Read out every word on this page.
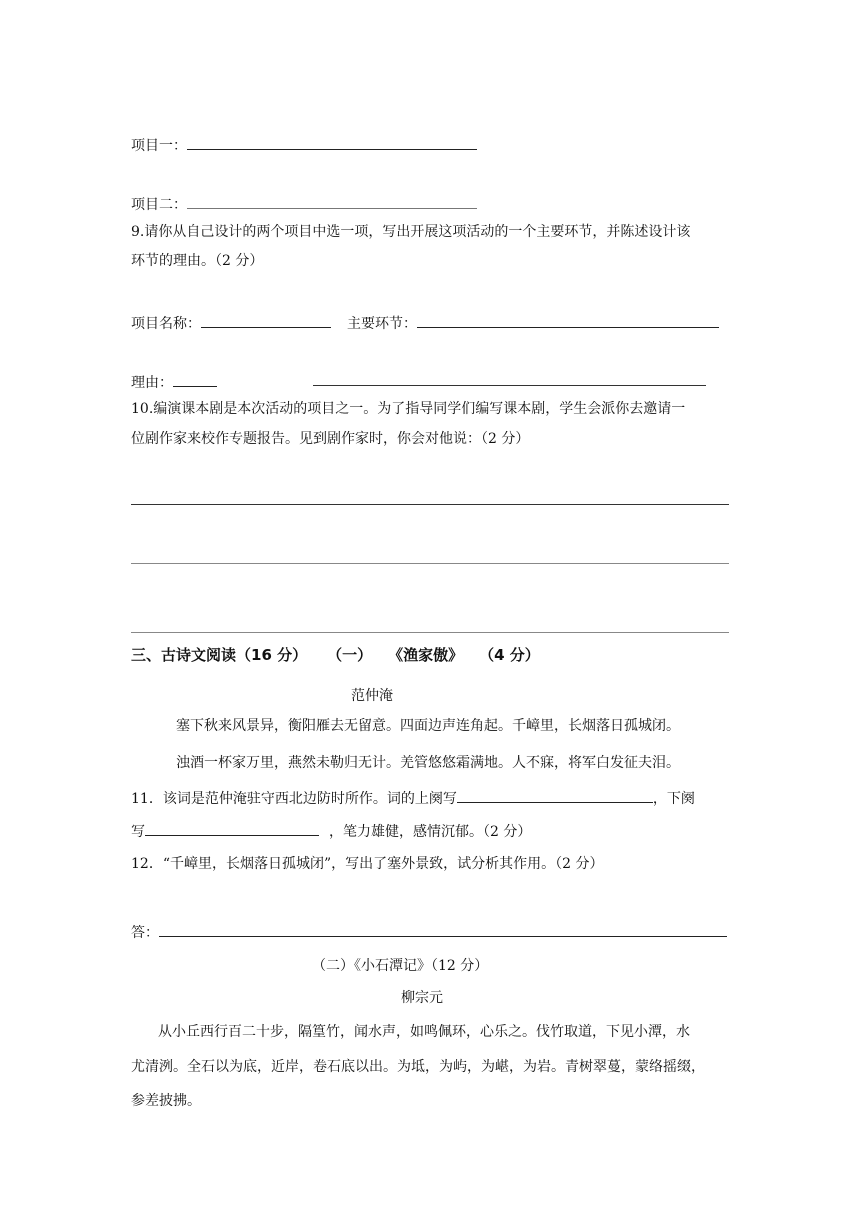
项目一：
项目二：
9.请你从自己设计的两个项目中选一项，写出开展这项活动的一个主要环节，并陈述设计该
环节的理由。（2 分）
项目名称：	主要环节：
理由：
10.编演课本剧是本次活动的项目之一。为了指导同学们编写课本剧，学生会派你去邀请一
位剧作家来校作专题报告。见到剧作家时，你会对他说：（2 分）
三、古诗文阅读（16 分） （一） 《渔家傲》 （4 分）
范仲淹
塞下秋来风景异，衡阳雁去无留意。四面边声连角起。千嶂里，长烟落日孤城闭。
浊酒一杯家万里，燕然未勒归无计。羌管悠悠霜满地。人不寐，将军白发征夫泪。
11．该词是范仲淹驻守西北边防时所作。词的上阕写	，下阕
写	，笔力雄健，感情沉郁。（2 分）
12．“千嶂里，长烟落日孤城闭”，写出了塞外景致，试分析其作用。（2 分）
答：
（二）《小石潭记》（12 分）
柳宗元
从小丘西行百二十步，隔篁竹，闻水声，如鸣佩环，心乐之。伐竹取道，下见小潭，水
尤清洌。全石以为底，近岸，卷石底以出。为坻，为屿，为嵁，为岩。青树翠蔓，蒙络摇缀，
参差披拂。
